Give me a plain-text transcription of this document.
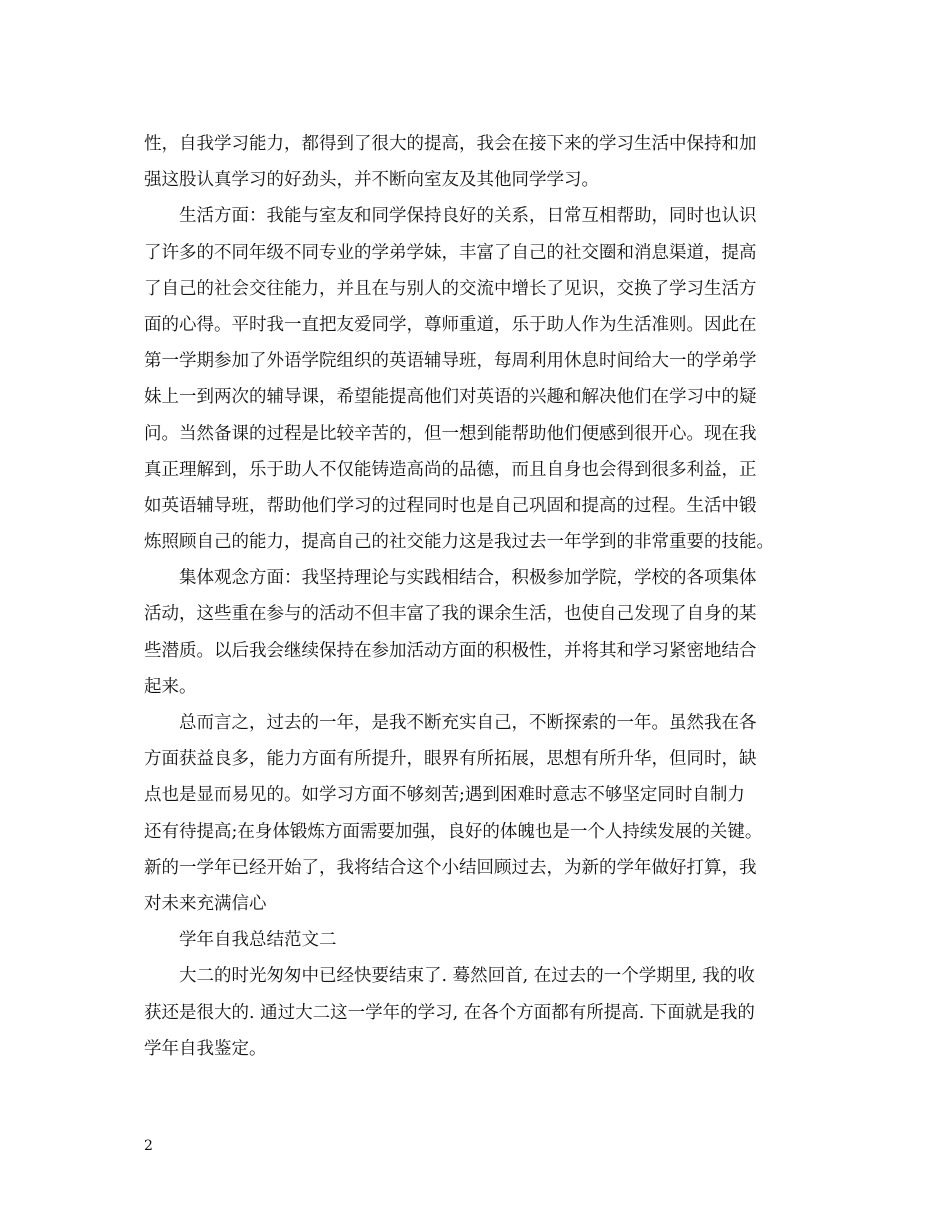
性，自我学习能力，都得到了很大的提高，我会在接下来的学习生活中保持和加
强这股认真学习的好劲头，并不断向室友及其他同学学习。
生活方面：我能与室友和同学保持良好的关系，日常互相帮助，同时也认识
了许多的不同年级不同专业的学弟学妹，丰富了自己的社交圈和消息渠道，提高
了自己的社会交往能力，并且在与别人的交流中增长了见识，交换了学习生活方
面的心得。平时我一直把友爱同学，尊师重道，乐于助人作为生活准则。因此在
第一学期参加了外语学院组织的英语辅导班，每周利用休息时间给大一的学弟学
妹上一到两次的辅导课，希望能提高他们对英语的兴趣和解决他们在学习中的疑
问。当然备课的过程是比较辛苦的，但一想到能帮助他们便感到很开心。现在我
真正理解到，乐于助人不仅能铸造高尚的品德，而且自身也会得到很多利益，正
如英语辅导班，帮助他们学习的过程同时也是自己巩固和提高的过程。生活中锻
炼照顾自己的能力，提高自己的社交能力这是我过去一年学到的非常重要的技能。
集体观念方面：我坚持理论与实践相结合，积极参加学院，学校的各项集体
活动，这些重在参与的活动不但丰富了我的课余生活，也使自己发现了自身的某
些潜质。以后我会继续保持在参加活动方面的积极性，并将其和学习紧密地结合
起来。
总而言之，过去的一年，是我不断充实自己，不断探索的一年。虽然我在各
方面获益良多，能力方面有所提升，眼界有所拓展，思想有所升华，但同时，缺
点也是显而易见的。如学习方面不够刻苦;遇到困难时意志不够坚定同时自制力
还有待提高;在身体锻炼方面需要加强，良好的体魄也是一个人持续发展的关键。
新的一学年已经开始了，我将结合这个小结回顾过去，为新的学年做好打算，我
对未来充满信心
学年自我总结范文二
大二的时光匆匆中已经快要结束了. 蓦然回首, 在过去的一个学期里, 我的收
获还是很大的. 通过大二这一学年的学习, 在各个方面都有所提高. 下面就是我的
学年自我鉴定。
2
